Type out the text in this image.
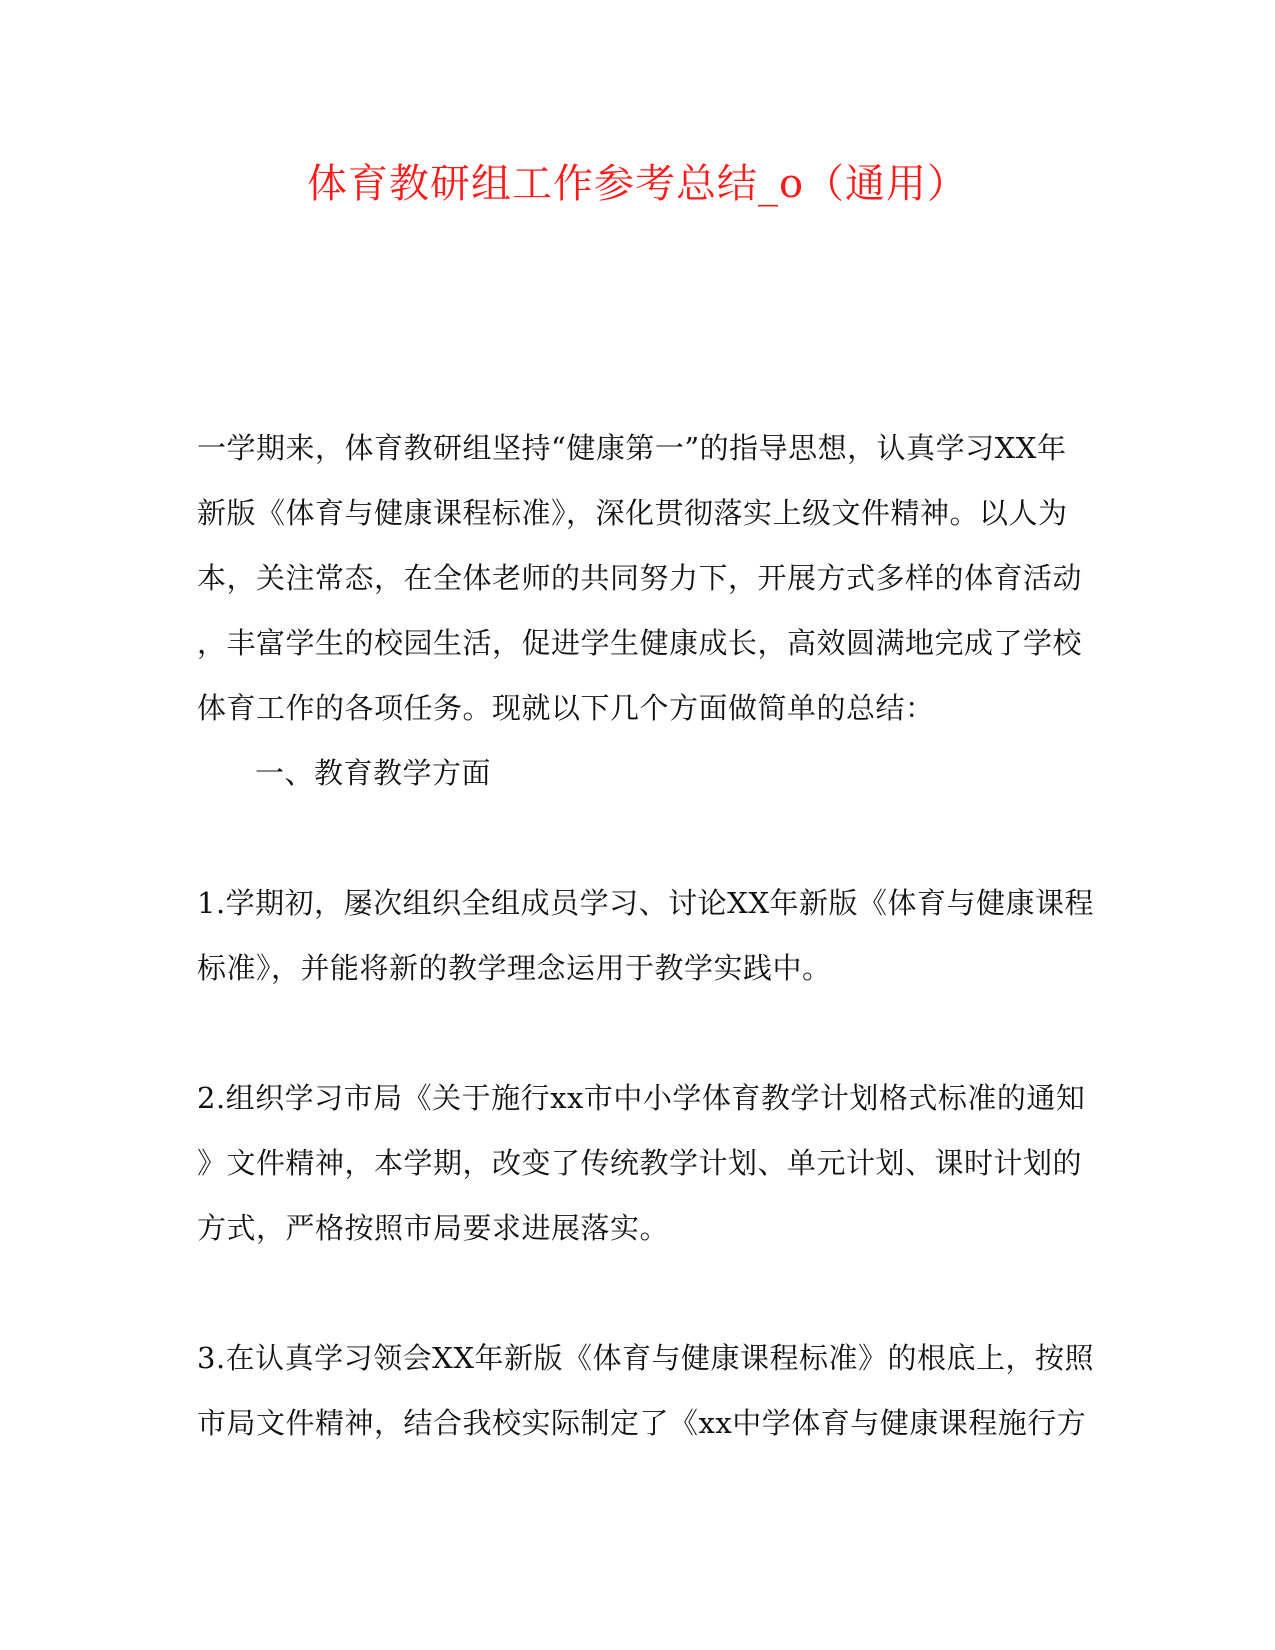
体育教研组工作参考总结_o（通用）
一学期来，体育教研组坚持“健康第一”的指导思想，认真学习XX年
新版《体育与健康课程标准》，深化贯彻落实上级文件精神。以人为
本，关注常态，在全体老师的共同努力下，开展方式多样的体育活动
，丰富学生的校园生活，促进学生健康成长，高效圆满地完成了学校
体育工作的各项任务。现就以下几个方面做简单的总结：
一、教育教学方面
1.学期初，屡次组织全组成员学习、讨论XX年新版《体育与健康课程
标准》，并能将新的教学理念运用于教学实践中。
2.组织学习市局《关于施行xx市中小学体育教学计划格式标准的通知
》文件精神，本学期，改变了传统教学计划、单元计划、课时计划的
方式，严格按照市局要求进展落实。
3.在认真学习领会XX年新版《体育与健康课程标准》的根底上，按照
市局文件精神，结合我校实际制定了《xx中学体育与健康课程施行方
